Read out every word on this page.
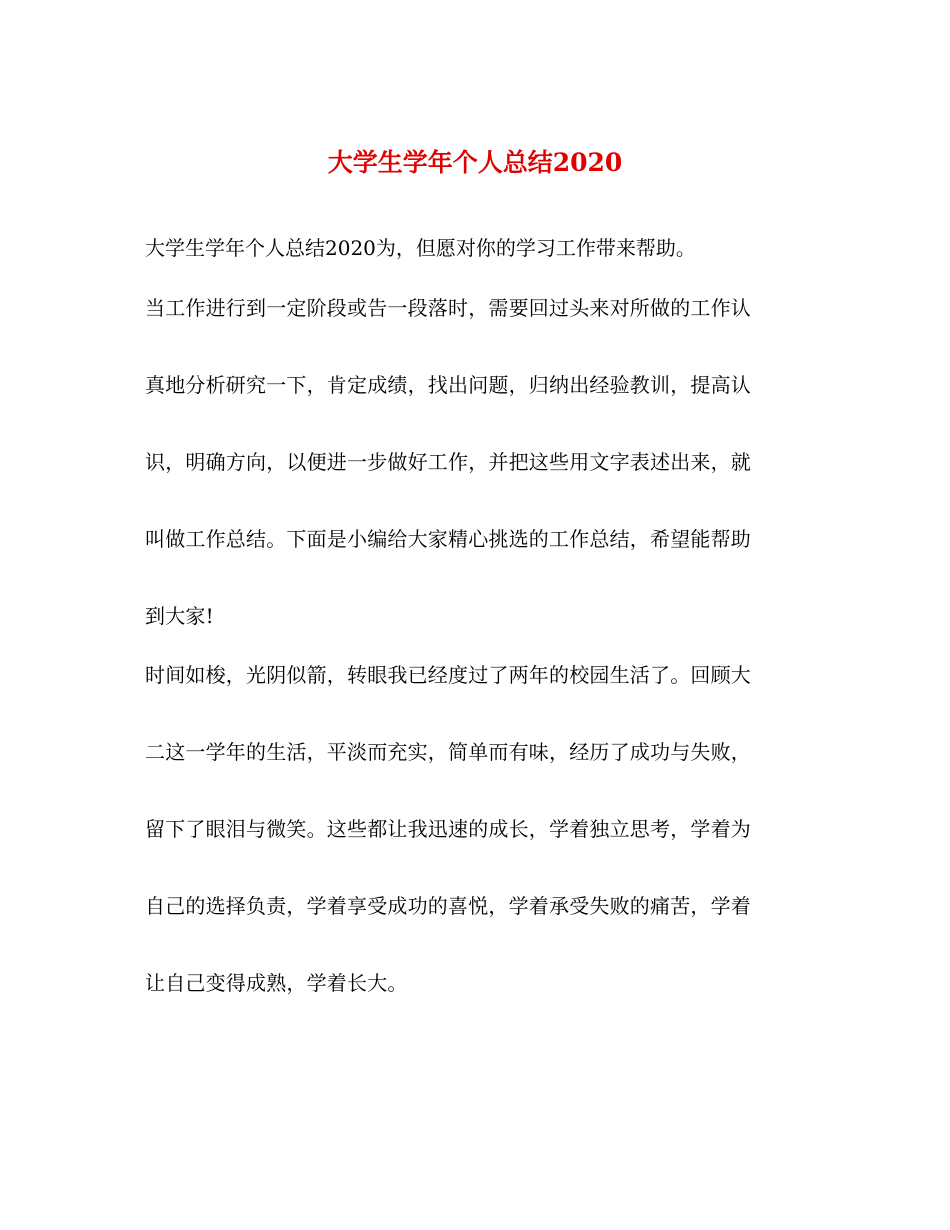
大学生学年个人总结2020

大学生学年个人总结2020为，但愿对你的学习工作带来帮助。

当工作进行到一定阶段或告一段落时，需要回过头来对所做的工作认
真地分析研究一下，肯定成绩，找出问题，归纳出经验教训，提高认
识，明确方向，以便进一步做好工作，并把这些用文字表述出来，就
叫做工作总结。下面是小编给大家精心挑选的工作总结，希望能帮助
到大家!

时间如梭，光阴似箭，转眼我已经度过了两年的校园生活了。回顾大
二这一学年的生活，平淡而充实，简单而有味，经历了成功与失败，
留下了眼泪与微笑。这些都让我迅速的成长，学着独立思考，学着为
自己的选择负责，学着享受成功的喜悦，学着承受失败的痛苦，学着
让自己变得成熟，学着长大。
